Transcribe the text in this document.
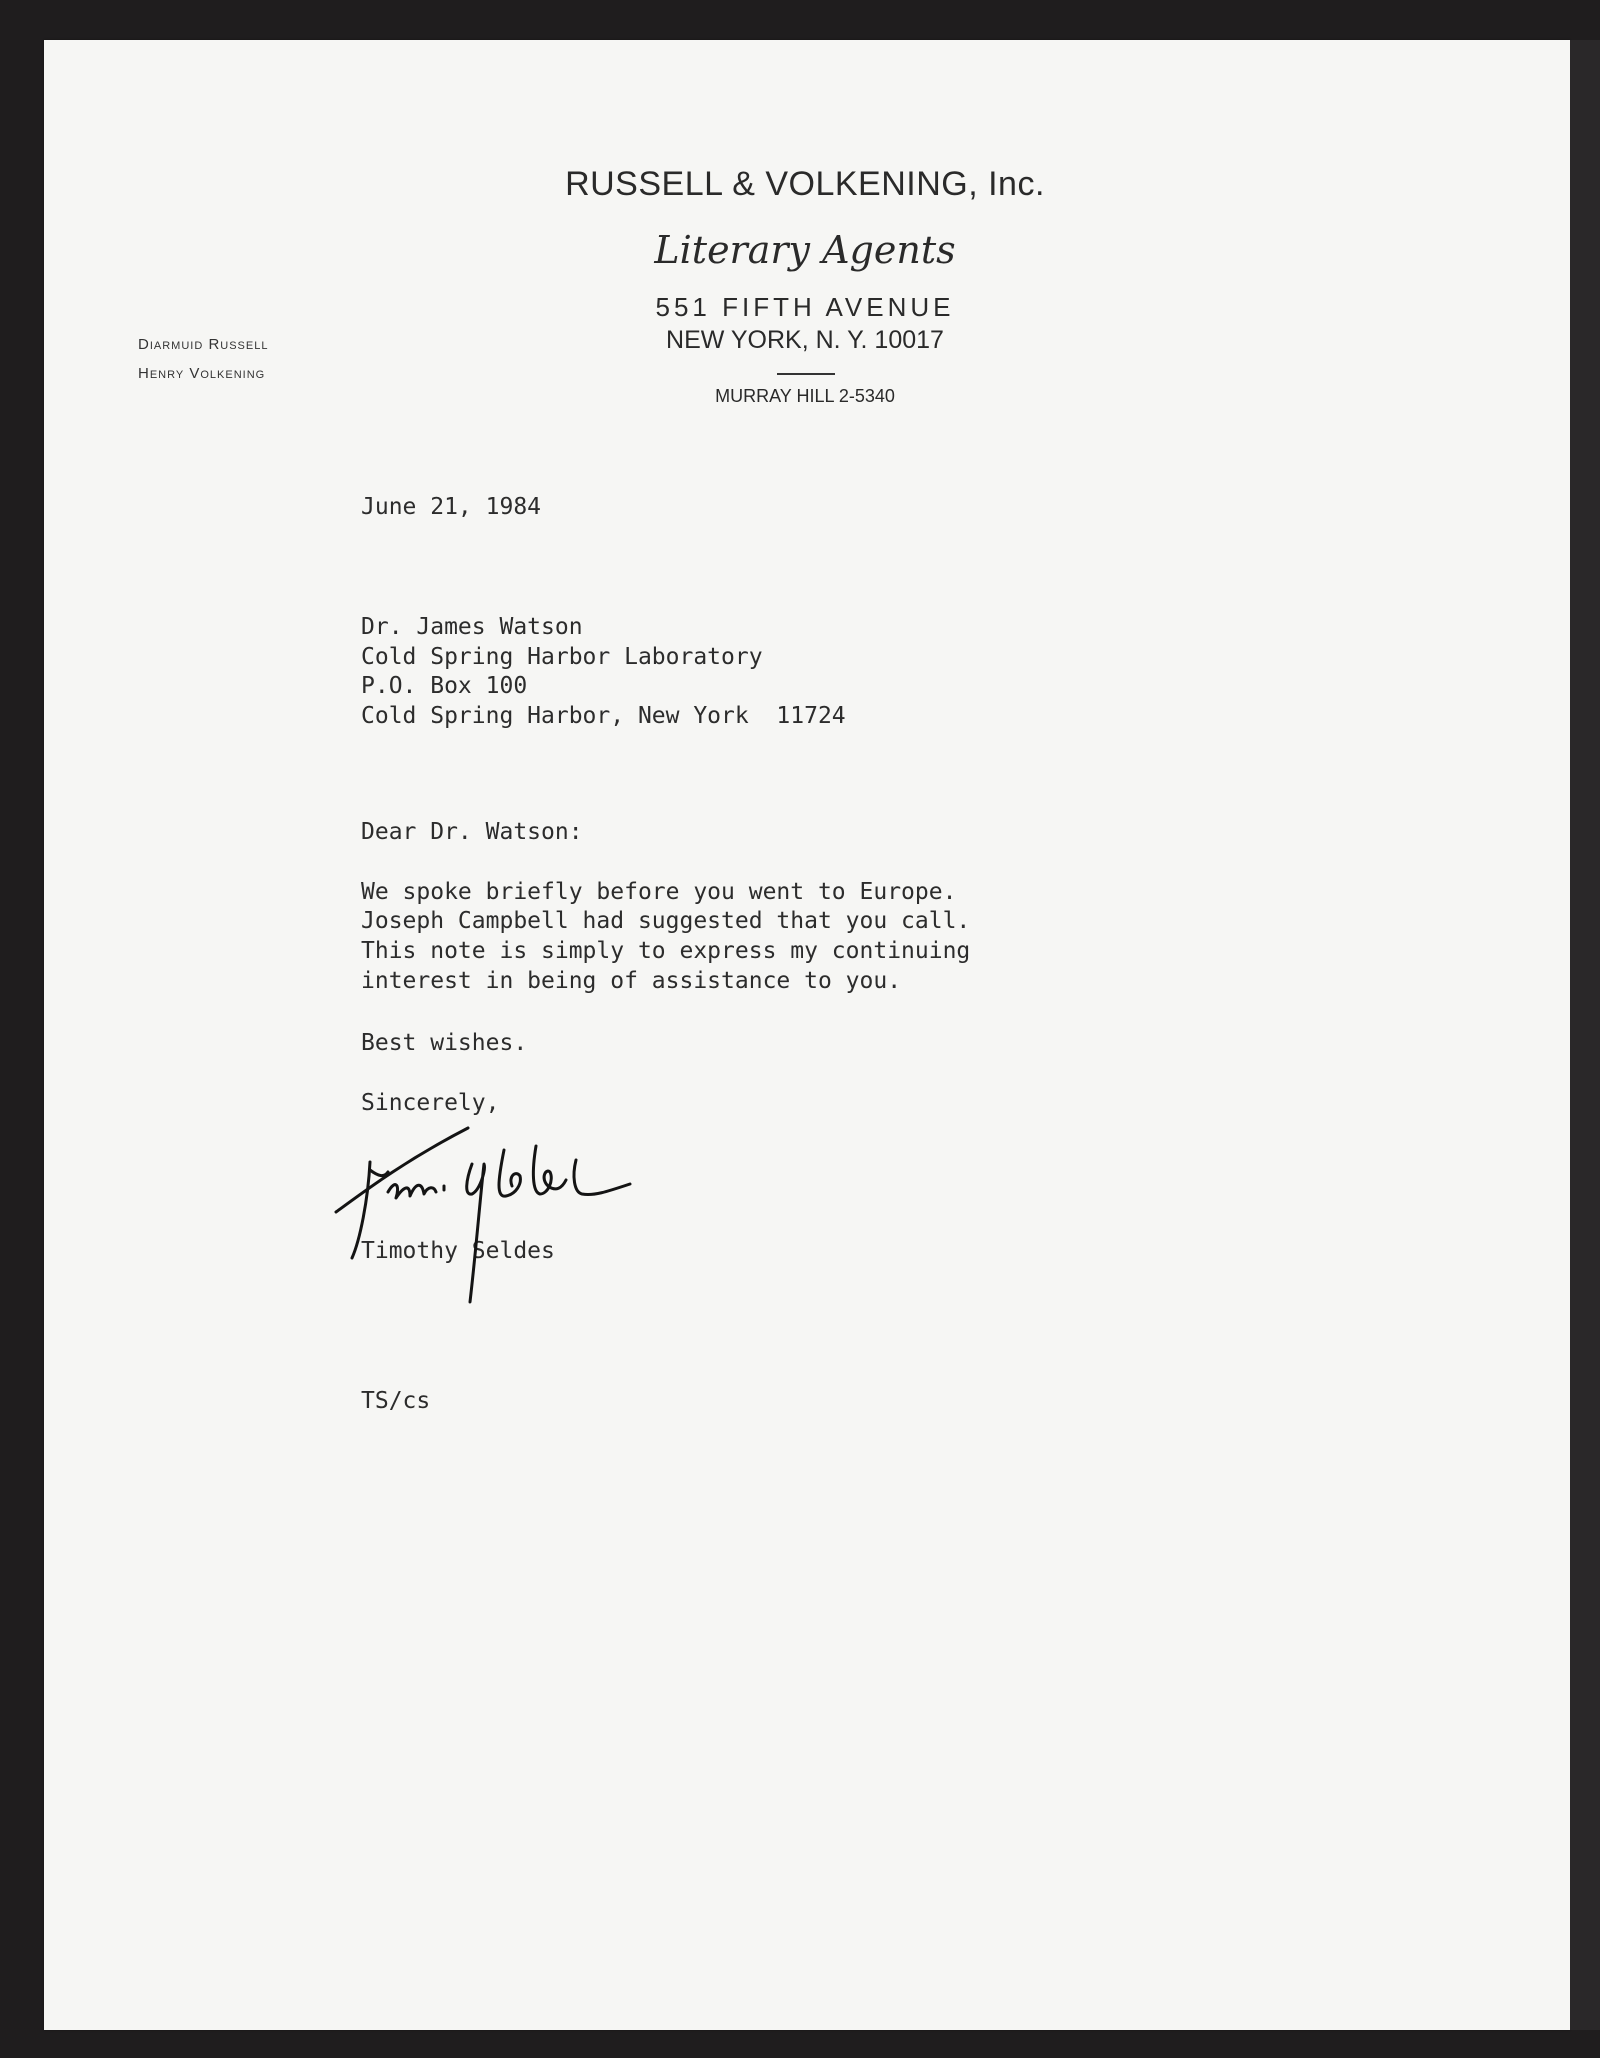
RUSSELL & VOLKENING, Inc.
Literary Agents
551 FIFTH AVENUE
NEW YORK, N. Y. 10017
MURRAY HILL 2-5340
Diarmuid Russell
Henry Volkening
June 21, 1984
Dr. James Watson
Cold Spring Harbor Laboratory
P.O. Box 100
Cold Spring Harbor, New York  11724
Dear Dr. Watson:
We spoke briefly before you went to Europe.
Joseph Campbell had suggested that you call.
This note is simply to express my continuing
interest in being of assistance to you.
Best wishes.
Sincerely,
Timothy Seldes
TS/cs
